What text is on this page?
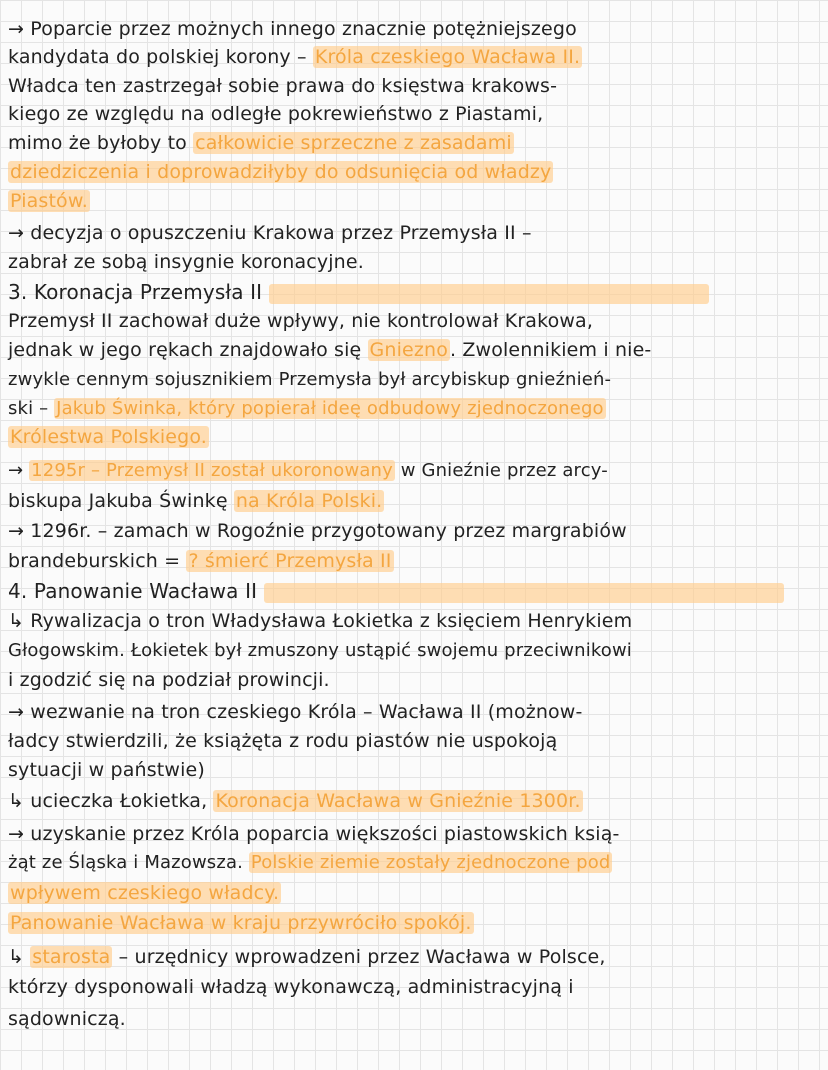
→ Poparcie przez możnych innego znacznie potężniejszego
kandydata do polskiej korony – Króla czeskiego Wacława II.
Władca ten zastrzegał sobie prawa do księstwa krakows-
kiego ze względu na odległe pokrewieństwo z Piastami,
mimo że byłoby to całkowicie sprzeczne z zasadami
dziedziczenia i doprowadziłyby do odsunięcia od władzy
Piastów.
→ decyzja o opuszczeniu Krakowa przez Przemysła II –
zabrał ze sobą insygnie koronacyjne.
3. Koronacja Przemysła II
Przemysł II zachował duże wpływy, nie kontrolował Krakowa,
jednak w jego rękach znajdowało się Gniezno . Zwolennikiem i nie-
zwykle cennym sojusznikiem Przemysła był arcybiskup gnieźnień-
ski – Jakub Świnka, który popierał ideę odbudowy zjednoczonego
Królestwa Polskiego.
→ 1295r – Przemysł II został ukoronowany w Gnieźnie przez arcy-
biskupa Jakuba Świnkę na Króla Polski.
→ 1296r. – zamach w Rogoźnie przygotowany przez margrabiów
brandeburskich = ? śmierć Przemysła II
4. Panowanie Wacława II
↳ Rywalizacja o tron Władysława Łokietka z księciem Henrykiem
Głogowskim. Łokietek był zmuszony ustąpić swojemu przeciwnikowi
i zgodzić się na podział prowincji.
→ wezwanie na tron czeskiego Króla – Wacława II (możnow-
ładcy stwierdzili, że książęta z rodu piastów nie uspokoją
sytuacji w państwie)
↳ ucieczka Łokietka, Koronacja Wacława w Gnieźnie 1300r.
→ uzyskanie przez Króla poparcia większości piastowskich ksią-
żąt ze Śląska i Mazowsza. Polskie ziemie zostały zjednoczone pod
wpływem czeskiego władcy.
Panowanie Wacława w kraju przywróciło spokój.
↳ starosta – urzędnicy wprowadzeni przez Wacława w Polsce,
którzy dysponowali władzą wykonawczą, administracyjną i
sądowniczą.
